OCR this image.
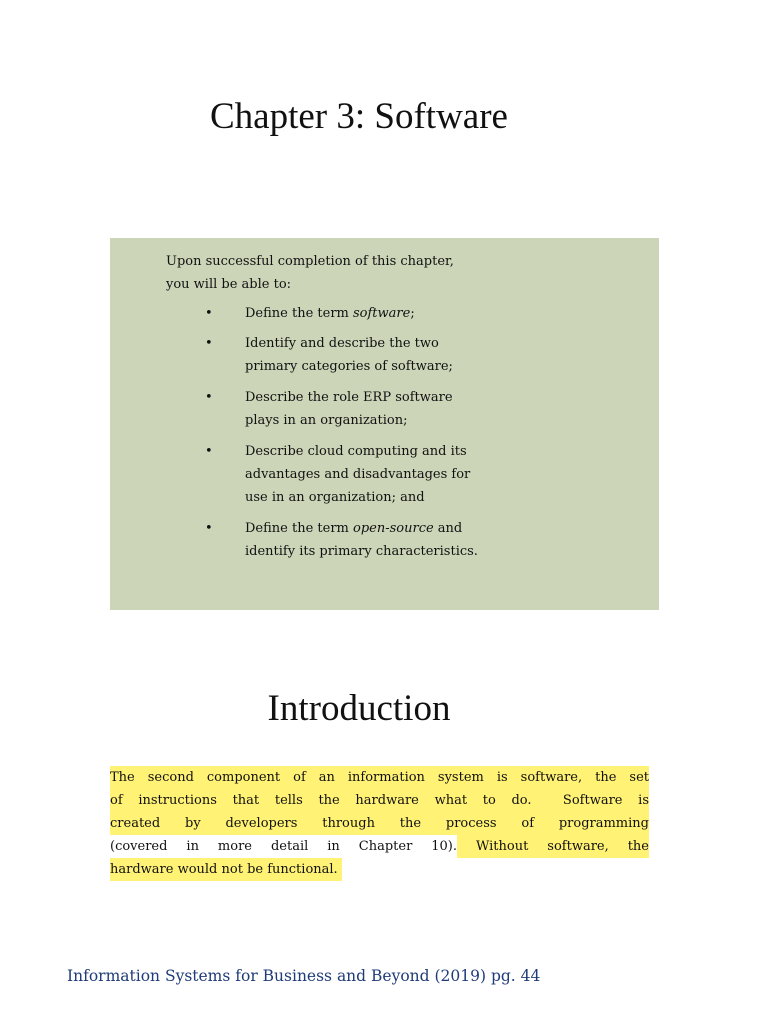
Chapter 3: Software

Upon successful completion of this chapter,
you will be able to:

• Define the term software;
• Identify and describe the two
primary categories of software;
• Describe the role ERP software
plays in an organization;
• Describe cloud computing and its
advantages and disadvantages for
use in an organization; and
• Define the term open-source and
identify its primary characteristics.
Introduction
The second component of an information system is software, the set
of instructions that tells the hardware what to do.  Software is
created by developers through the process of programming
(covered in more detail in Chapter 10). Without software, the
hardware would not be functional.
Information Systems for Business and Beyond (2019) pg. 44
